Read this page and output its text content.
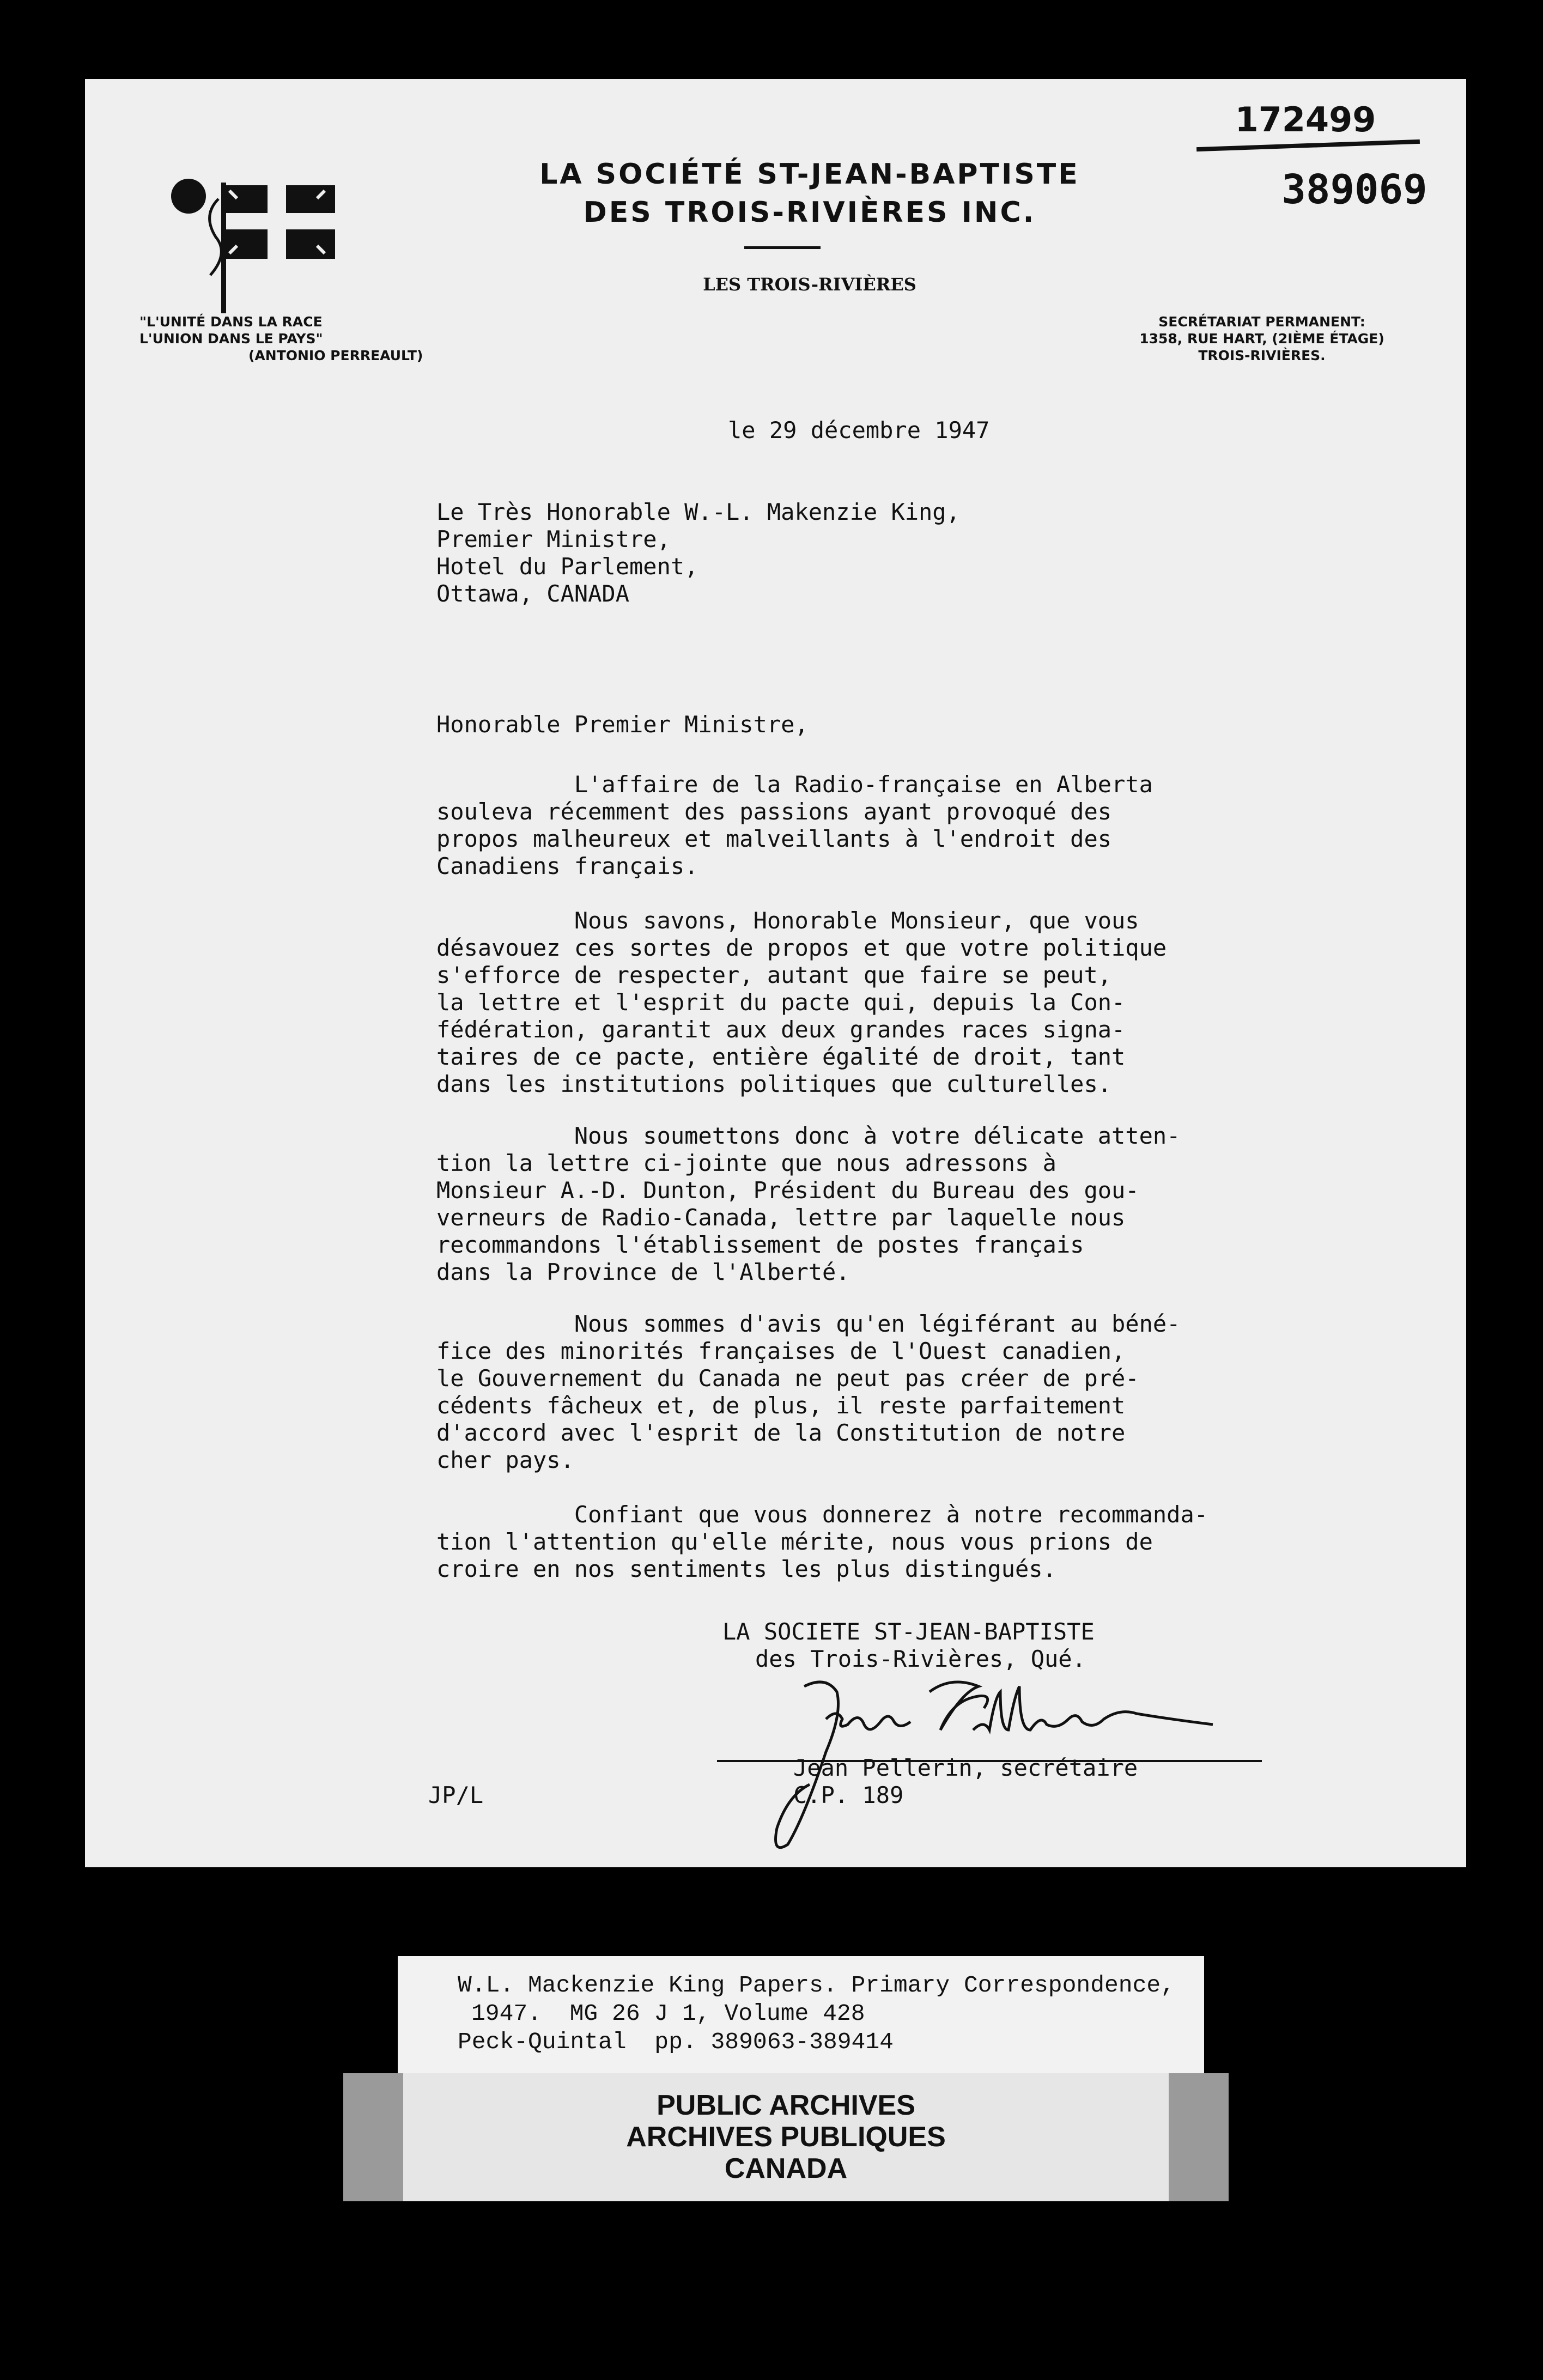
"L'UNITÉ DANS LA RACE
L'UNION DANS LE PAYS"
(ANTONIO PERREAULT)
LA SOCIÉTÉ ST-JEAN-BAPTISTE
DES TROIS-RIVIÈRES INC.
LES TROIS-RIVIÈRES
172499
389069
SECRÉTARIAT PERMANENT:
1358, RUE HART, (2IÈME ÉTAGE)
TROIS-RIVIÈRES.
le 29 décembre 1947
Le Très Honorable W.-L. Makenzie King,
Premier Ministre,
Hotel du Parlement,
Ottawa, CANADA
Honorable Premier Ministre,
L'affaire de la Radio-française en Alberta
souleva récemment des passions ayant provoqué des
propos malheureux et malveillants à l'endroit des
Canadiens français.
Nous savons, Honorable Monsieur, que vous
désavouez ces sortes de propos et que votre politique
s'efforce de respecter, autant que faire se peut,
la lettre et l'esprit du pacte qui, depuis la Con-
fédération, garantit aux deux grandes races signa-
taires de ce pacte, entière égalité de droit, tant
dans les institutions politiques que culturelles.
Nous soumettons donc à votre délicate atten-
tion la lettre ci-jointe que nous adressons à
Monsieur A.-D. Dunton, Président du Bureau des gou-
verneurs de Radio-Canada, lettre par laquelle nous
recommandons l'établissement de postes français
dans la Province de l'Alberté.
Nous sommes d'avis qu'en légiférant au béné-
fice des minorités françaises de l'Ouest canadien,
le Gouvernement du Canada ne peut pas créer de pré-
cédents fâcheux et, de plus, il reste parfaitement
d'accord avec l'esprit de la Constitution de notre
cher pays.
Confiant que vous donnerez à notre recommanda-
tion l'attention qu'elle mérite, nous vous prions de
croire en nos sentiments les plus distingués.
LA SOCIETE ST-JEAN-BAPTISTE
des Trois-Rivières, Qué.
Jean Pellerin, secrétaire
C.P. 189
JP/L
W.L. Mackenzie King Papers. Primary Correspondence,
1947.  MG 26 J 1, Volume 428
Peck-Quintal  pp. 389063-389414
PUBLIC ARCHIVES
ARCHIVES PUBLIQUES
CANADA
